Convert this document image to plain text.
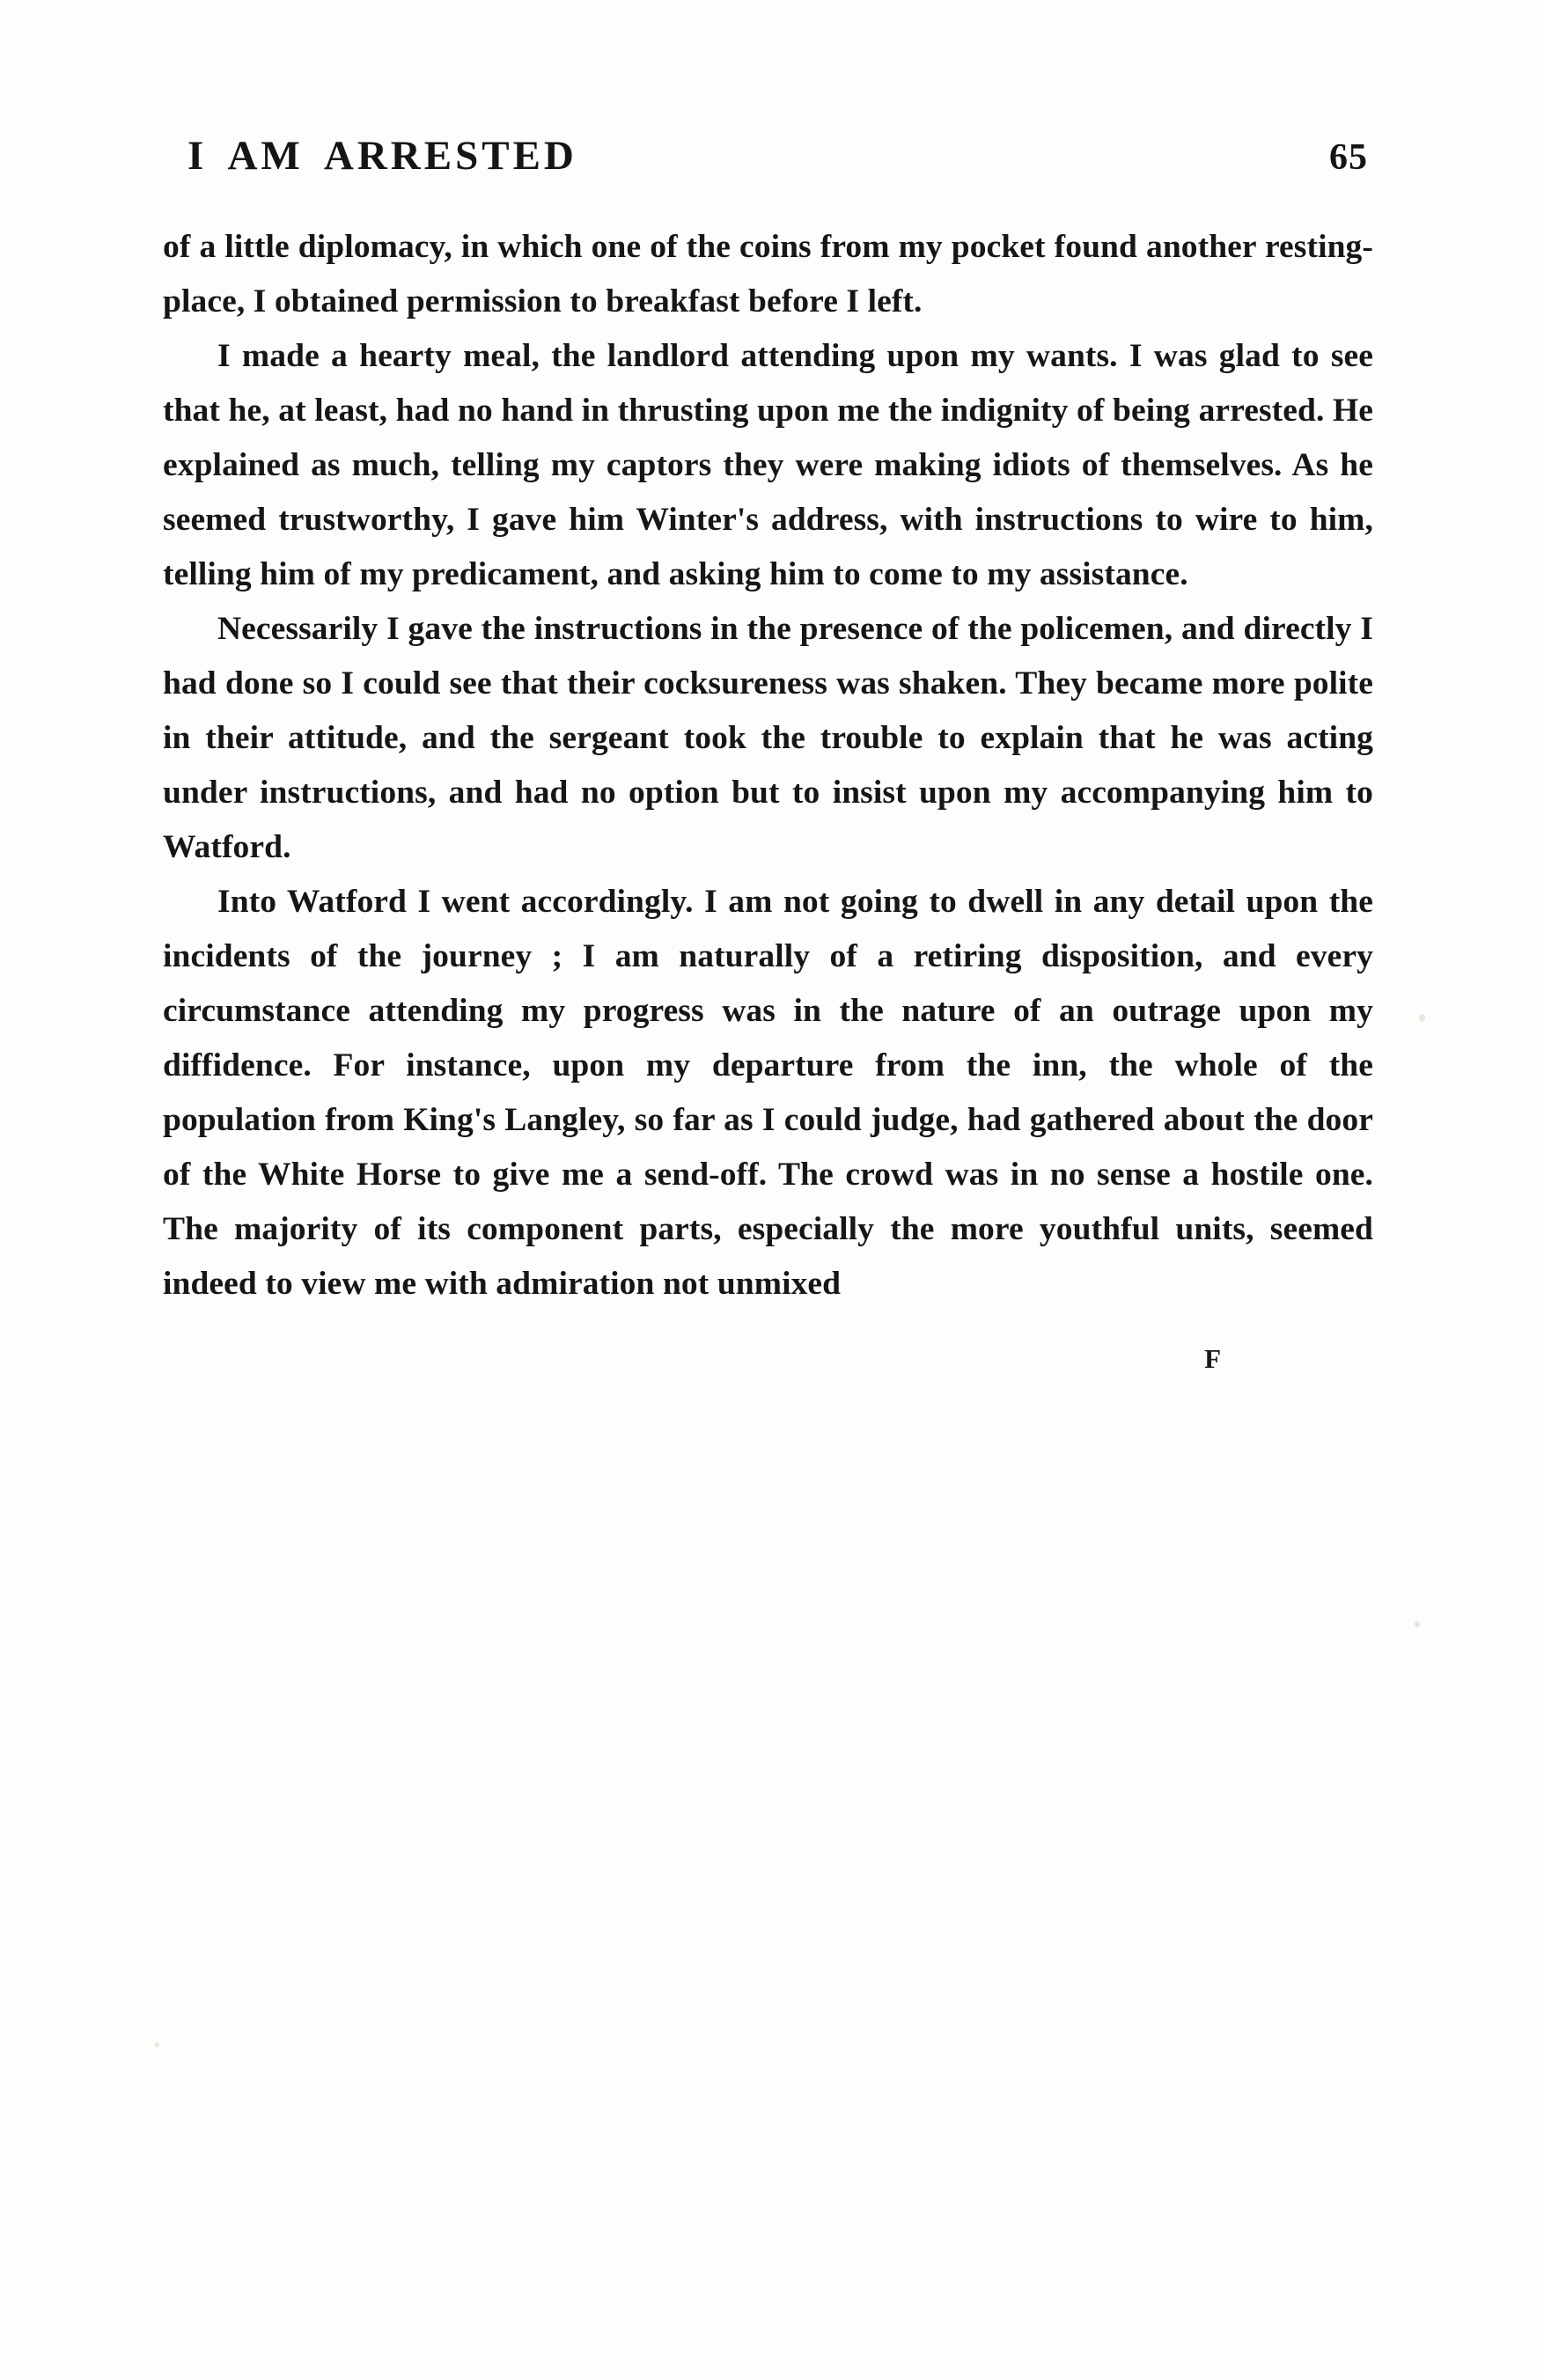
I AM ARRESTED	65

of a little diplomacy, in which one of the coins from my pocket found another resting-place, I obtained permission to breakfast before I left.

I made a hearty meal, the landlord attending upon my wants. I was glad to see that he, at least, had no hand in thrusting upon me the indignity of being arrested. He explained as much, telling my captors they were making idiots of themselves. As he seemed trustworthy, I gave him Winter's address, with instructions to wire to him, telling him of my predicament, and asking him to come to my assistance.

Necessarily I gave the instructions in the presence of the policemen, and directly I had done so I could see that their cocksureness was shaken. They became more polite in their attitude, and the sergeant took the trouble to explain that he was acting under instructions, and had no option but to insist upon my accompanying him to Watford.

Into Watford I went accordingly. I am not going to dwell in any detail upon the incidents of the journey ; I am naturally of a retiring disposition, and every circumstance attending my progress was in the nature of an outrage upon my diffidence. For instance, upon my departure from the inn, the whole of the population from King's Langley, so far as I could judge, had gathered about the door of the White Horse to give me a send-off. The crowd was in no sense a hostile one. The majority of its component parts, especially the more youthful units, seemed indeed to view me with admiration not unmixed

F
